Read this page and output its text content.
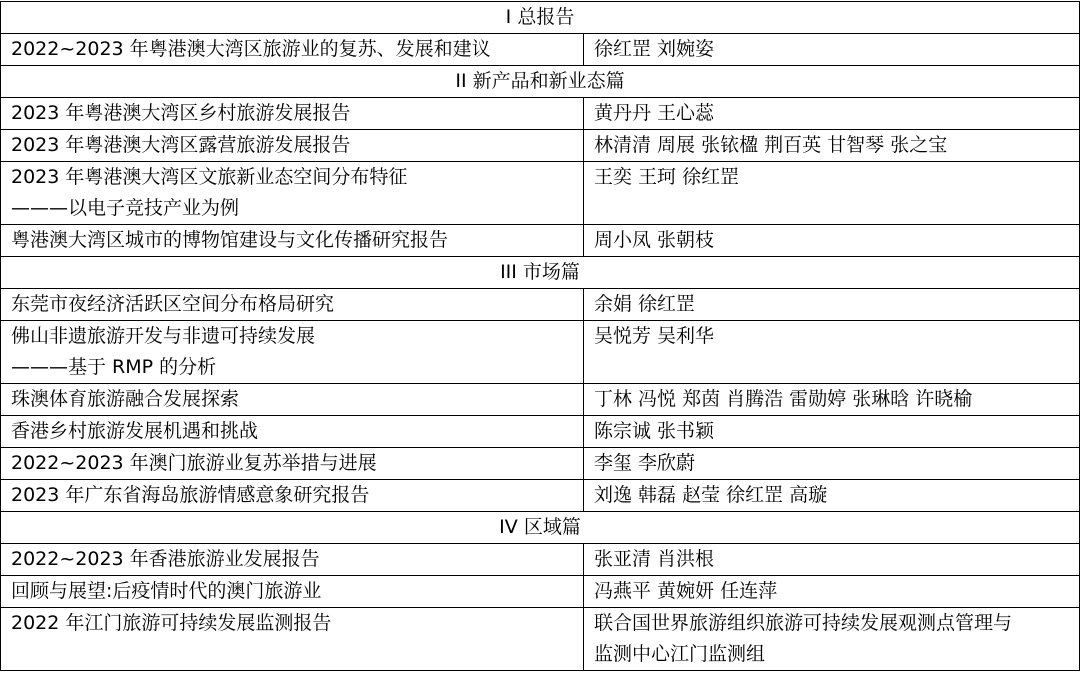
I 总报告	

2022~2023 年粤港澳大湾区旅游业的复苏、发展和建议	徐红罡 刘婉姿

II 新产品和新业态篇	

2023 年粤港澳大湾区乡村旅游发展报告	黄丹丹 王心蕊

2023 年粤港澳大湾区露营旅游发展报告	林清清 周展 张铱楹 荆百英 甘智琴 张之宝

2023 年粤港澳大湾区文旅新业态空间分布特征
———以电子竞技产业为例	王奕 王珂 徐红罡

粤港澳大湾区城市的博物馆建设与文化传播研究报告	周小凤 张朝枝

III 市场篇	

东莞市夜经济活跃区空间分布格局研究	余娟 徐红罡

佛山非遗旅游开发与非遗可持续发展
———基于 RMP 的分析	吴悦芳 吴利华

珠澳体育旅游融合发展探索	丁林 冯悦 郑茵 肖腾浩 雷勋婷 张琳晗 许晓榆

香港乡村旅游发展机遇和挑战	陈宗诚 张书颖

2022~2023 年澳门旅游业复苏举措与进展	李玺 李欣蔚

2023 年广东省海岛旅游情感意象研究报告	刘逸 韩磊 赵莹 徐红罡 高璇

IV 区域篇	

2022~2023 年香港旅游业发展报告	张亚清 肖洪根

回顾与展望:后疫情时代的澳门旅游业	冯燕平 黄婉妍 任连萍

2022 年江门旅游可持续发展监测报告	联合国世界旅游组织旅游可持续发展观测点管理与
监测中心江门监测组
